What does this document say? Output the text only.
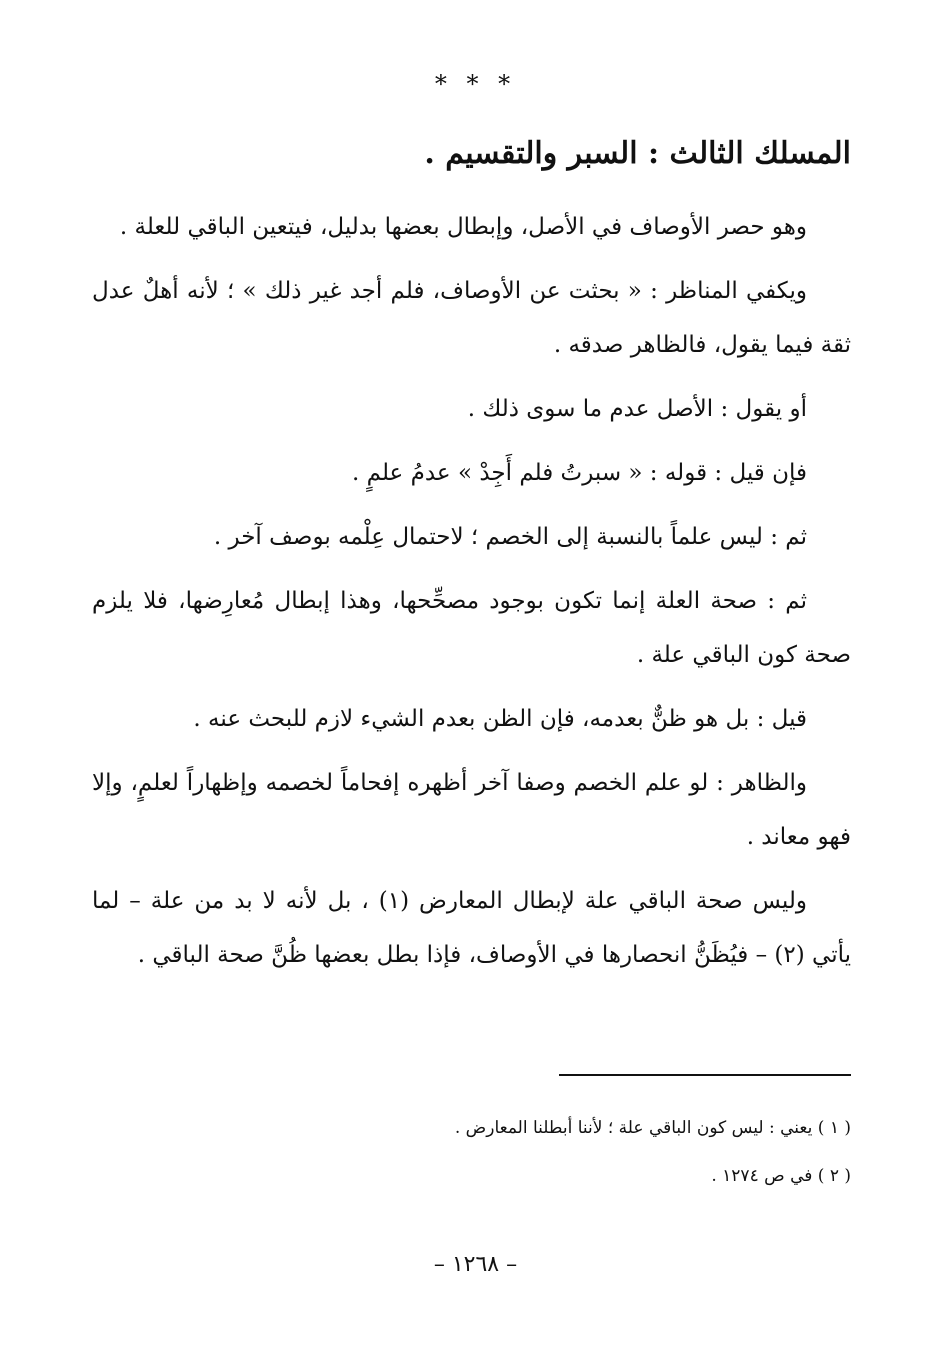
* * *
المسلك الثالث : السبر والتقسيم .

وهو حصر الأوصاف في الأصل، وإبطال بعضها بدليل، فيتعين الباقي للعلة .

ويكفي المناظر : « بحثت عن الأوصاف، فلم أجد غير ذلك » ؛ لأنه أهلٌ عدل ثقة فيما يقول، فالظاهر صدقه .

أو يقول : الأصل عدم ما سوى ذلك .

فإن قيل : قوله : « سبرتُ فلم أَجِدْ » عدمُ علمٍ .

ثم : ليس علماً بالنسبة إلى الخصم ؛ لاحتمال عِلْمه بوصف آخر .

ثم : صحة العلة إنما تكون بوجود مصحِّحها، وهذا إبطال مُعارِضها، فلا يلزم صحة كون الباقي علة .

قيل : بل هو ظنٌّ بعدمه، فإن الظن بعدم الشيء لازم للبحث عنه .

والظاهر : لو علم الخصم وصفا آخر أظهره إفحاماً لخصمه وإظهاراً لعلمٍ، وإلا فهو معاند .

وليس صحة الباقي علة لإبطال المعارض (١) ، بل لأنه لا بد من علة – لما يأتي (٢) – فيُظَنُّ انحصارها في الأوصاف، فإذا بطل بعضها ظُنَّ صحة الباقي .

( ١ ) يعني : ليس كون الباقي علة ؛ لأننا أبطلنا المعارض .

( ٢ ) في ص ١٢٧٤ .

– ١٢٦٨ –
